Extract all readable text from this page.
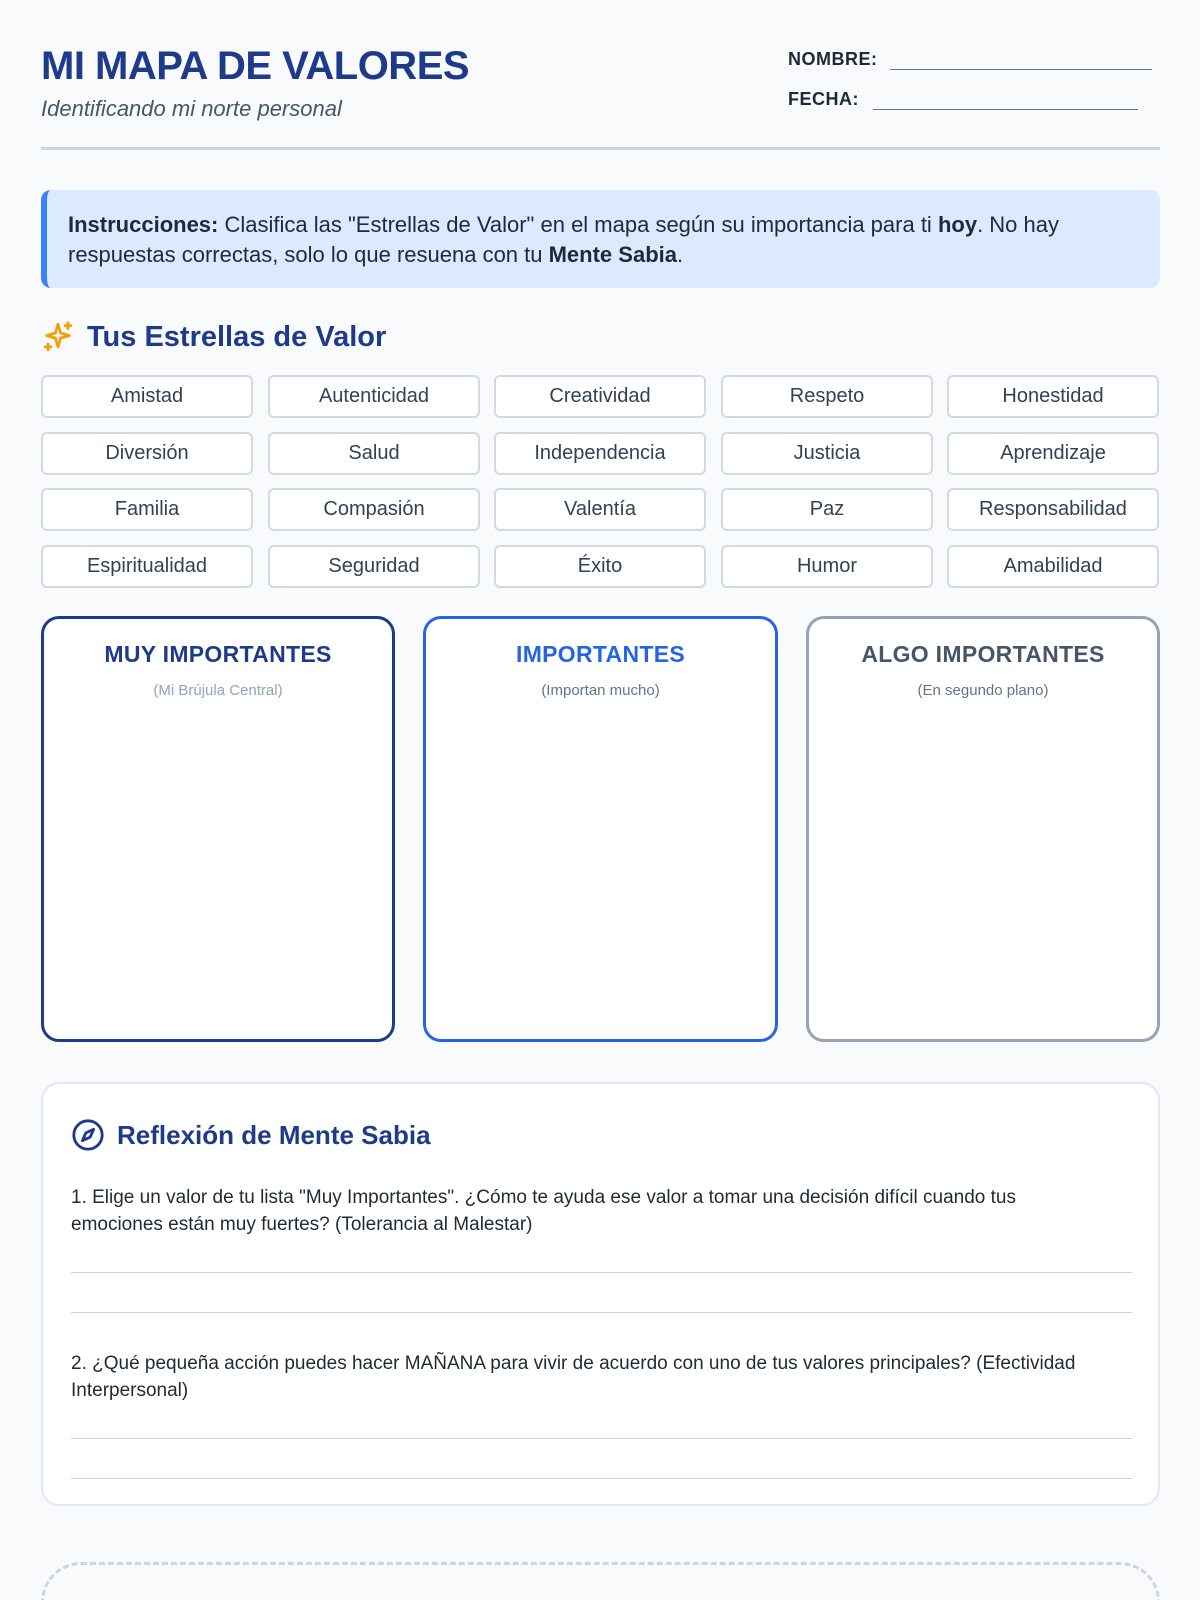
MI MAPA DE VALORES
Identificando mi norte personal
NOMBRE:
FECHA:
Instrucciones: Clasifica las "Estrellas de Valor" en el mapa según su importancia para ti hoy. No hay respuestas correctas, solo lo que resuena con tu Mente Sabia.
Tus Estrellas de Valor
Amistad	Autenticidad	Creatividad	Respeto	Honestidad
Diversión	Salud	Independencia	Justicia	Aprendizaje
Familia	Compasión	Valentía	Paz	Responsabilidad
Espiritualidad	Seguridad	Éxito	Humor	Amabilidad
MUY IMPORTANTES
(Mi Brújula Central)
IMPORTANTES
(Importan mucho)
ALGO IMPORTANTES
(En segundo plano)
Reflexión de Mente Sabia
1. Elige un valor de tu lista "Muy Importantes". ¿Cómo te ayuda ese valor a tomar una decisión difícil cuando tus emociones están muy fuertes? (Tolerancia al Malestar)
2. ¿Qué pequeña acción puedes hacer MAÑANA para vivir de acuerdo con uno de tus valores principales? (Efectividad Interpersonal)
